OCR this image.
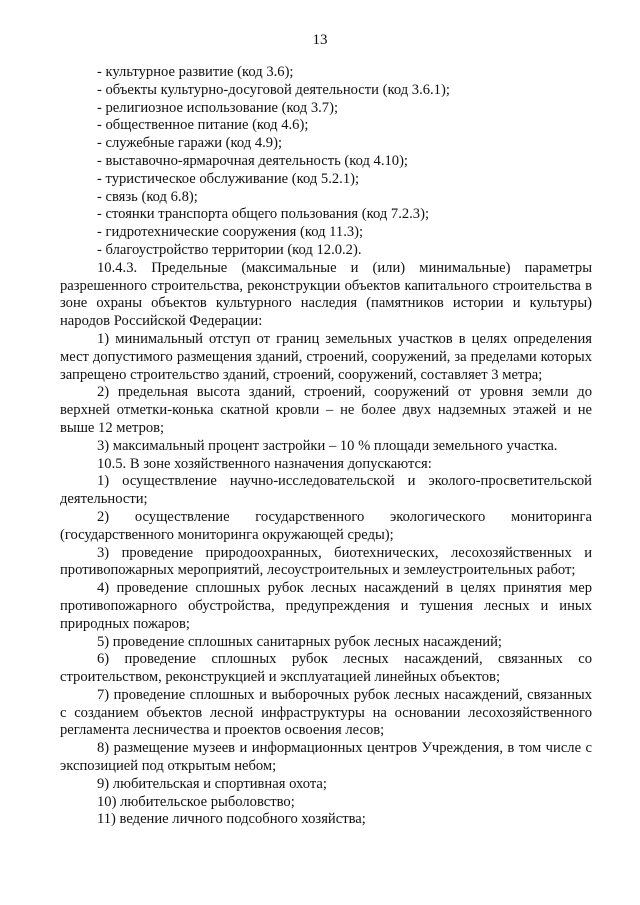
13

- культурное развитие (код 3.6);

- объекты культурно-досуговой деятельности (код 3.6.1);

- религиозное использование (код 3.7);

- общественное питание (код 4.6);

- служебные гаражи (код 4.9);

- выставочно-ярмарочная деятельность (код 4.10);

- туристическое обслуживание (код 5.2.1);

- связь (код 6.8);

- стоянки транспорта общего пользования (код 7.2.3);

- гидротехнические сооружения (код 11.3);

- благоустройство территории (код 12.0.2).

10.4.3. Предельные (максимальные и (или) минимальные) параметры разрешенного строительства, реконструкции объектов капитального строительства в зоне охраны объектов культурного наследия (памятников истории и культуры) народов Российской Федерации:

1) минимальный отступ от границ земельных участков в целях определения мест допустимого размещения зданий, строений, сооружений, за пределами которых запрещено строительство зданий, строений, сооружений, составляет 3 метра;

2) предельная высота зданий, строений, сооружений от уровня земли до верхней отметки-конька скатной кровли – не более двух надземных этажей и не выше 12 метров;

3) максимальный процент застройки – 10 % площади земельного участка.

10.5. В зоне хозяйственного назначения допускаются:

1) осуществление научно-исследовательской и эколого-просветительской деятельности;

2) осуществление государственного экологического мониторинга (государственного мониторинга окружающей среды);

3) проведение природоохранных, биотехнических, лесохозяйственных и противопожарных мероприятий, лесоустроительных и землеустроительных работ;

4) проведение сплошных рубок лесных насаждений в целях принятия мер противопожарного обустройства, предупреждения и тушения лесных и иных природных пожаров;

5) проведение сплошных санитарных рубок лесных насаждений;

6) проведение сплошных рубок лесных насаждений, связанных со строительством, реконструкцией и эксплуатацией линейных объектов;

7) проведение сплошных и выборочных рубок лесных насаждений, связанных с созданием объектов лесной инфраструктуры на основании лесохозяйственного регламента лесничества и проектов освоения лесов;

8) размещение музеев и информационных центров Учреждения, в том числе с экспозицией под открытым небом;

9) любительская и спортивная охота;

10) любительское рыболовство;

11) ведение личного подсобного хозяйства;
